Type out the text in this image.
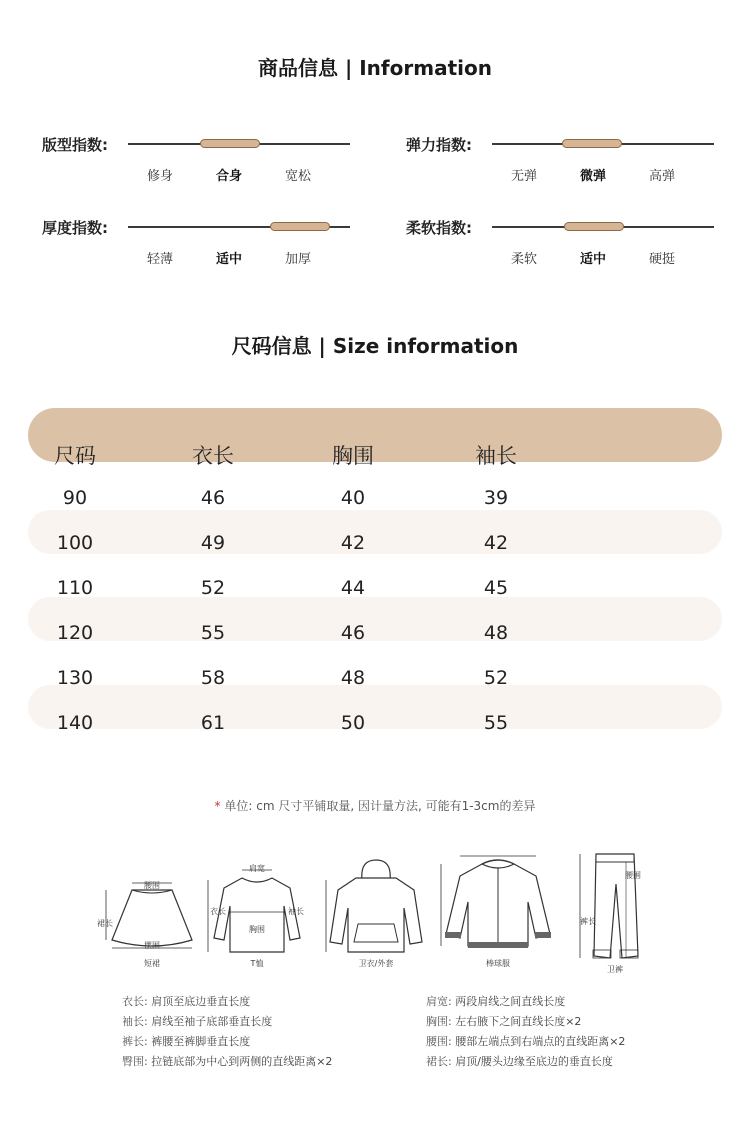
商品信息 | Information
版型指数:
修身	合身	宽松
弹力指数:
无弹	微弹	高弹
厚度指数:
轻薄	适中	加厚
柔软指数:
柔软	适中	硬挺
尺码信息 | Size information
尺码	衣长	胸围	袖长
90	46	40	39
100	49	42	42
110	52	44	45
120	55	46	48
130	58	48	52
140	61	50	55
* 单位: cm 尺寸平铺取量, 因计量方法, 可能有1-3cm的差异
腰围
摆围
裙长
短裙
肩宽
衣长	袖长
胸围
T恤	卫衣/外套	棒球服
腰围
裤长
卫裤
衣长: 肩顶至底边垂直长度
袖长: 肩线至袖子底部垂直长度
裤长: 裤腰至裤脚垂直长度
臀围: 拉链底部为中心到两侧的直线距离×2
肩宽: 两段肩线之间直线长度
胸围: 左右腋下之间直线长度×2
腰围: 腰部左端点到右端点的直线距离×2
裙长: 肩顶/腰头边缘至底边的垂直长度
